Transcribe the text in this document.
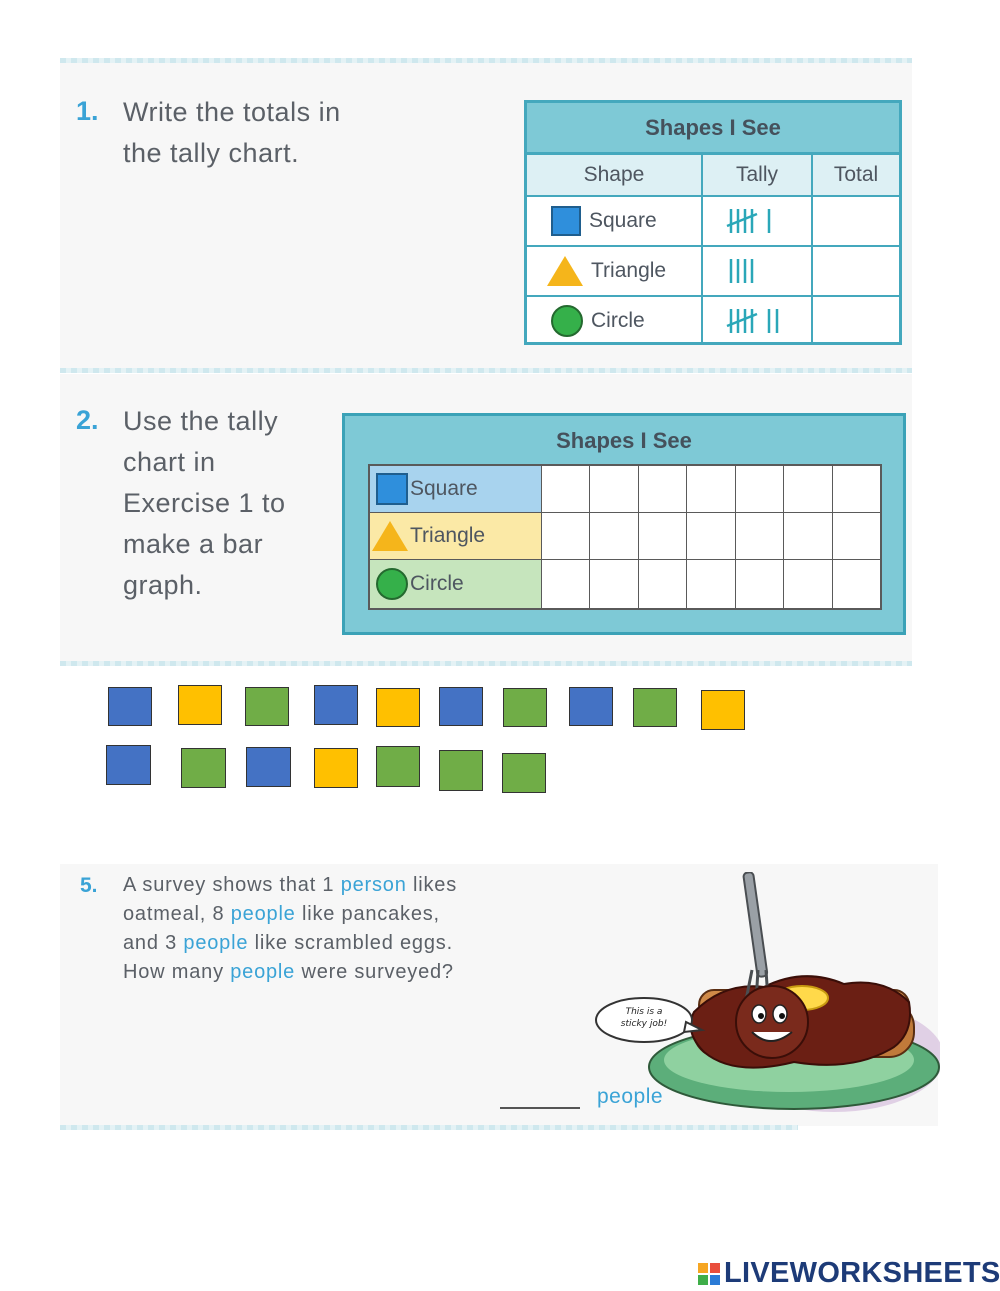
1. Write the totals in
the tally chart.
Shapes I See
Shape	Tally	Total
Square
Triangle
Circle
2. Use the tally
chart in
Exercise 1 to
make a bar
graph.
Shapes I See
Square
Triangle
Circle
5. A survey shows that 1 person likes
oatmeal, 8 people like pancakes,
and 3 people like scrambled eggs.
How many people were surveyed?
This is a
sticky job!
people
LIVEWORKSHEETS
